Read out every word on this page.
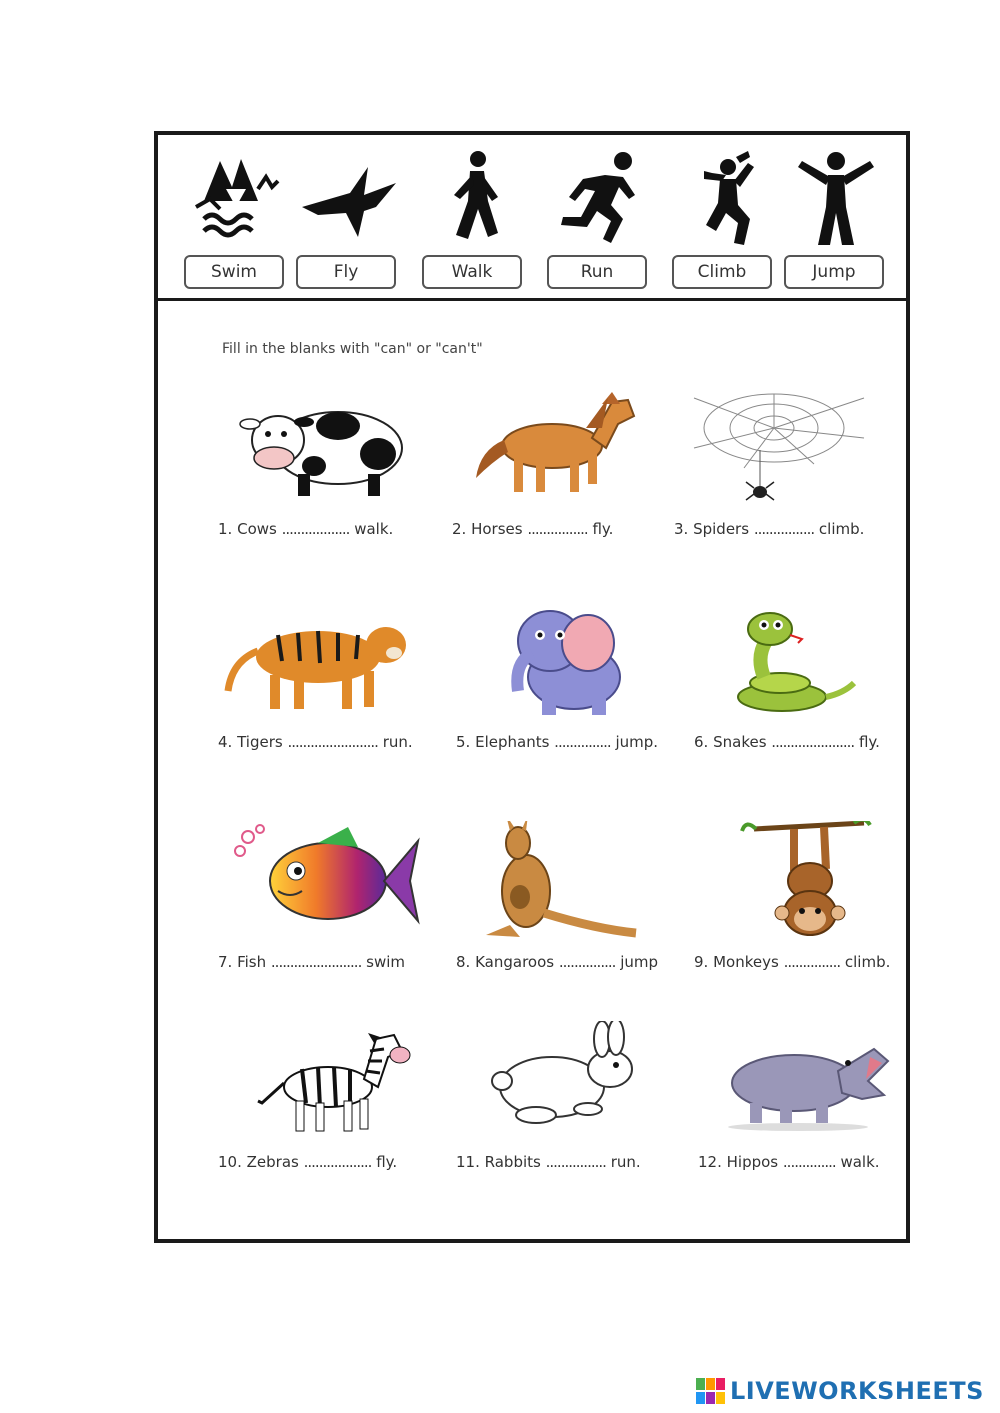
Swim	Fly	Walk	Run	Climb	Jump
Fill in the blanks with "can" or "can't"
1. Cows .................. walk.	2. Horses ................ fly.	3. Spiders ................ climb.
4. Tigers ........................ run.	5. Elephants ............... jump.	6. Snakes ...................... fly.
7. Fish ........................ swim	8. Kangaroos ............... jump	9. Monkeys ............... climb.
10. Zebras .................. fly.	11. Rabbits ................ run.	12. Hippos .............. walk.
LIVEWORKSHEETS
